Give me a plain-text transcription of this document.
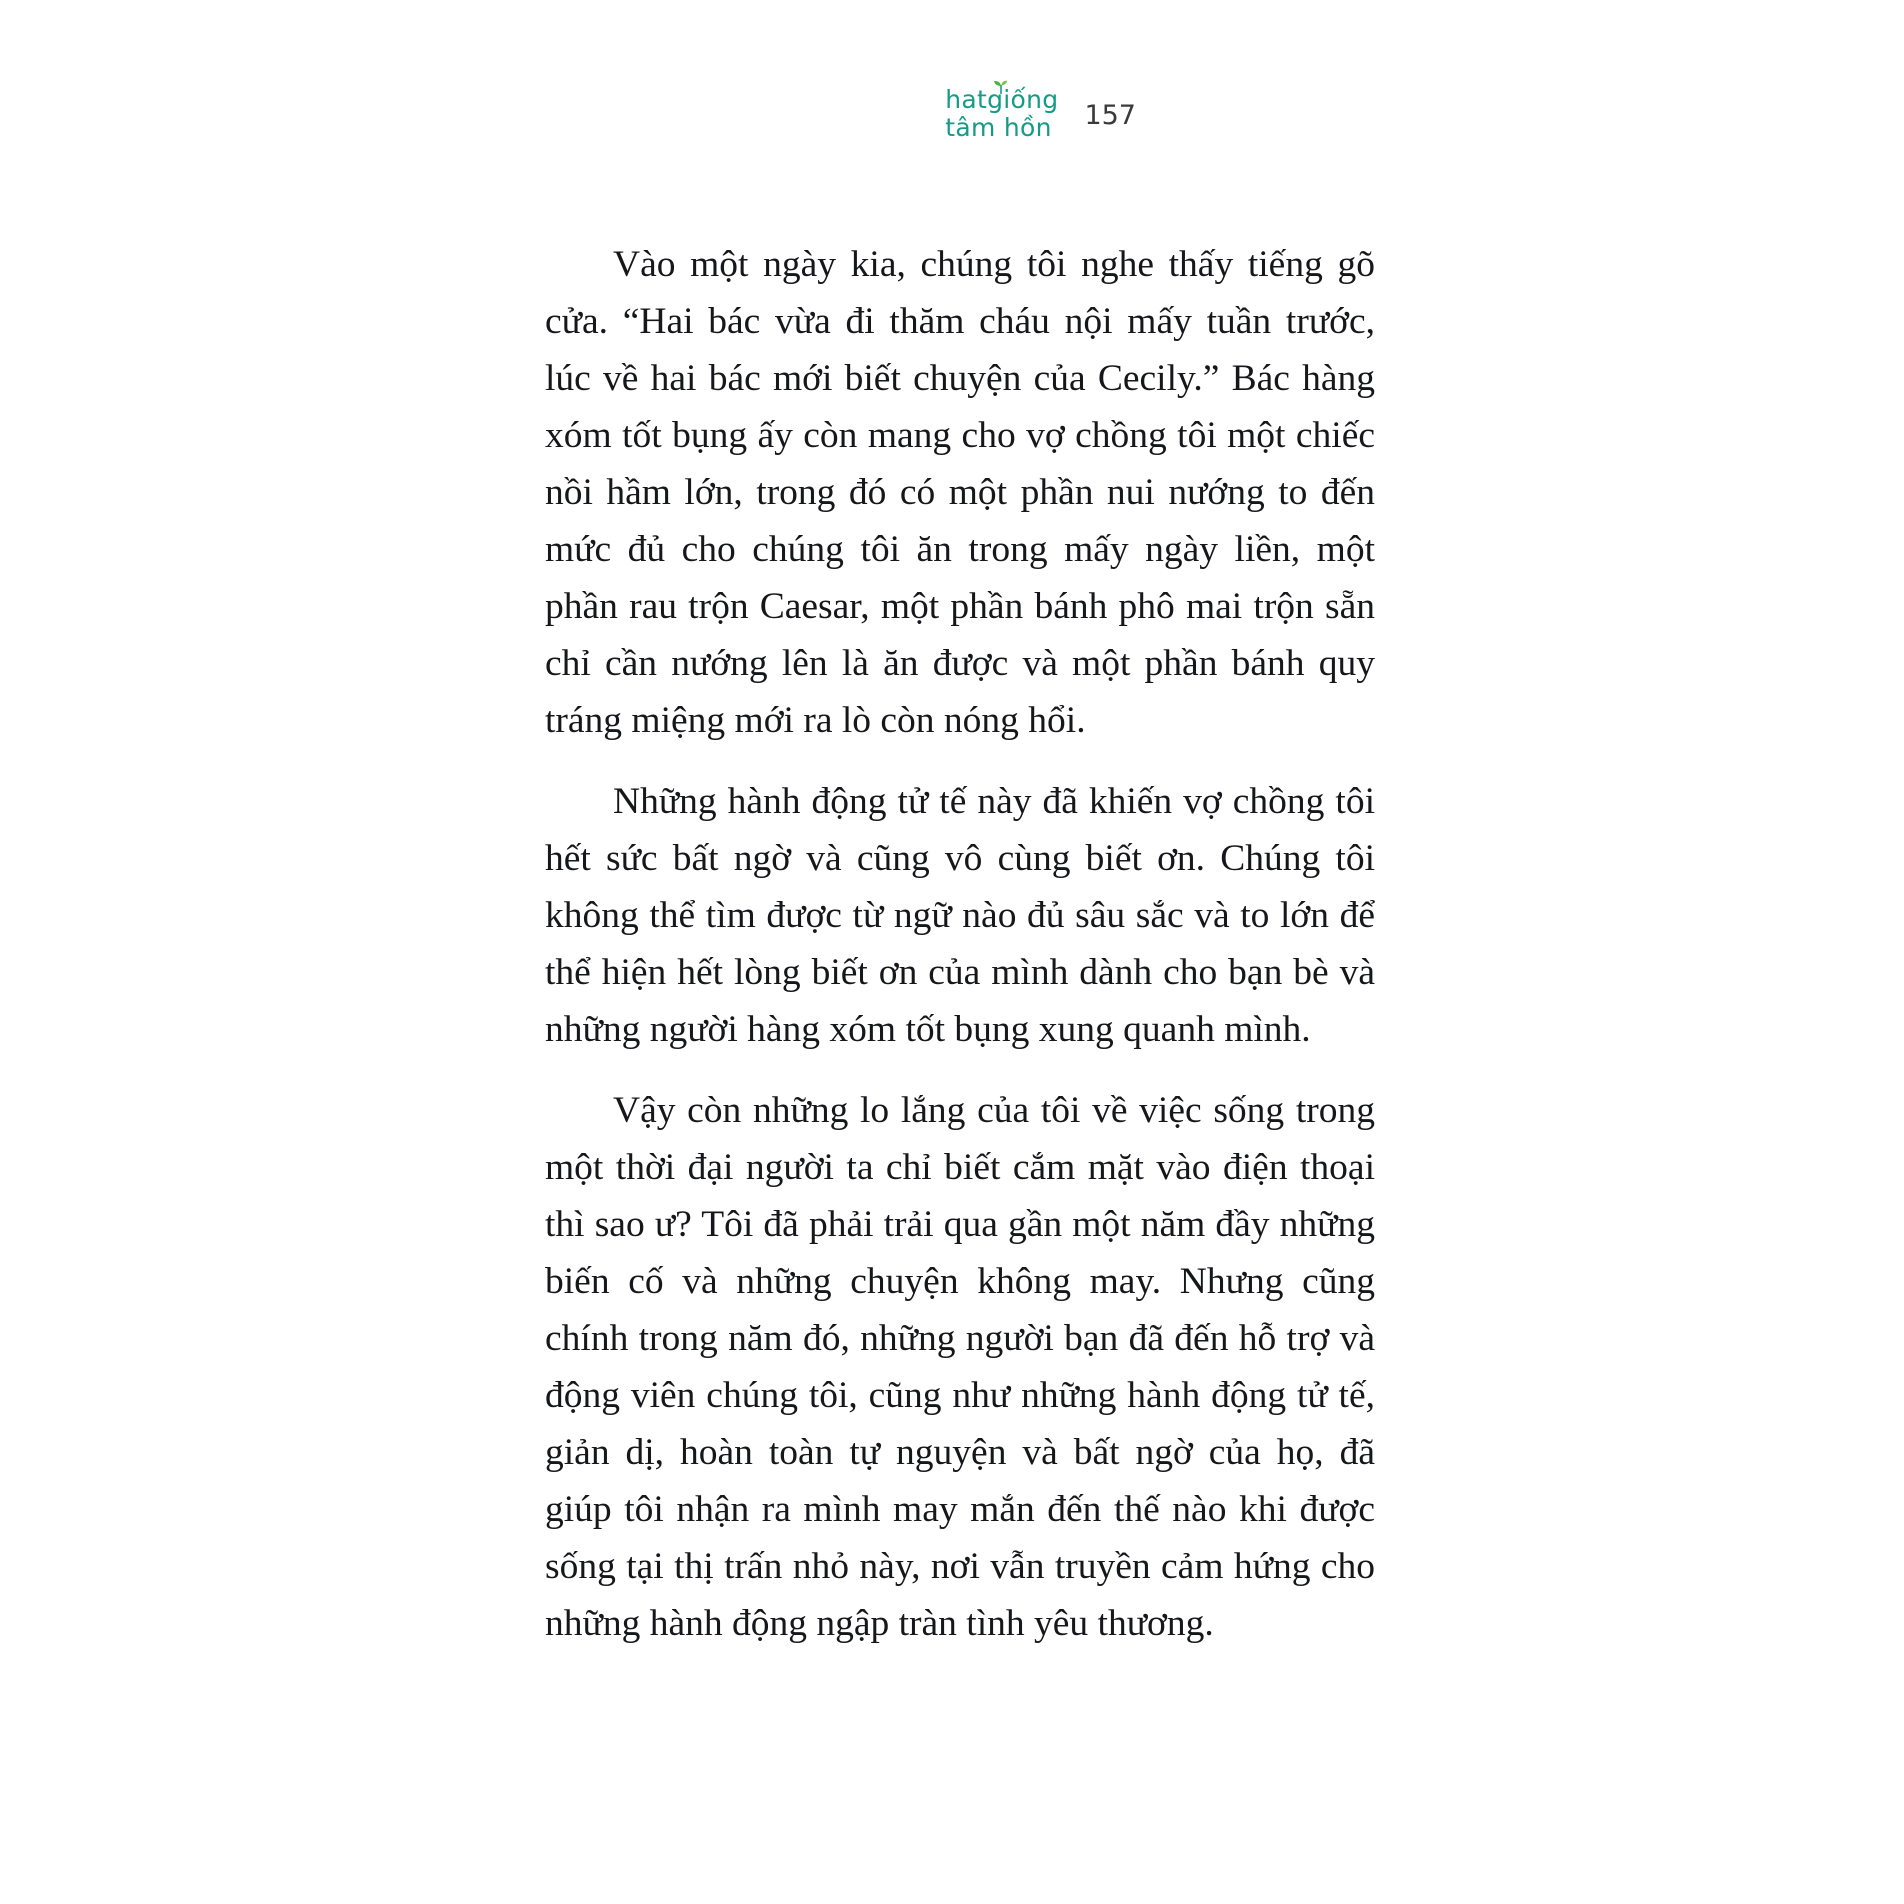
hatgiống
tâm hồn 157

Vào một ngày kia, chúng tôi nghe thấy tiếng gõ cửa. “Hai bác vừa đi thăm cháu nội mấy tuần trước, lúc về hai bác mới biết chuyện của Cecily.” Bác hàng xóm tốt bụng ấy còn mang cho vợ chồng tôi một chiếc nồi hầm lớn, trong đó có một phần nui nướng to đến mức đủ cho chúng tôi ăn trong mấy ngày liền, một phần rau trộn Caesar, một phần bánh phô mai trộn sẵn chỉ cần nướng lên là ăn được và một phần bánh quy tráng miệng mới ra lò còn nóng hổi.

Những hành động tử tế này đã khiến vợ chồng tôi hết sức bất ngờ và cũng vô cùng biết ơn. Chúng tôi không thể tìm được từ ngữ nào đủ sâu sắc và to lớn để thể hiện hết lòng biết ơn của mình dành cho bạn bè và những người hàng xóm tốt bụng xung quanh mình.

Vậy còn những lo lắng của tôi về việc sống trong một thời đại người ta chỉ biết cắm mặt vào điện thoại thì sao ư? Tôi đã phải trải qua gần một năm đầy những biến cố và những chuyện không may. Nhưng cũng chính trong năm đó, những người bạn đã đến hỗ trợ và động viên chúng tôi, cũng như những hành động tử tế, giản dị, hoàn toàn tự nguyện và bất ngờ của họ, đã giúp tôi nhận ra mình may mắn đến thế nào khi được sống tại thị trấn nhỏ này, nơi vẫn truyền cảm hứng cho những hành động ngập tràn tình yêu thương.
